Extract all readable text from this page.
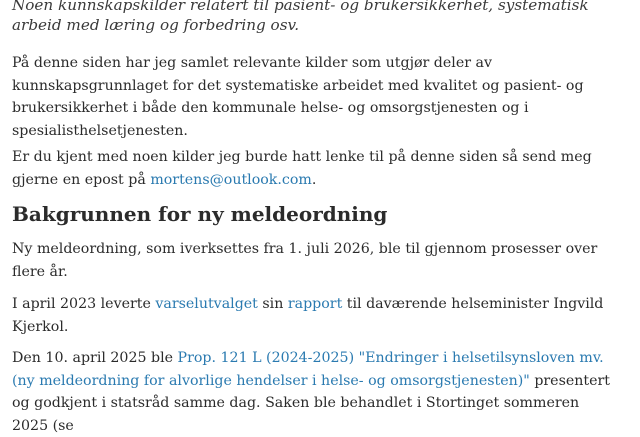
Noen kunnskapskilder relatert til pasient- og brukersikkerhet, systematisk arbeid med læring og forbedring osv.

På denne siden har jeg samlet relevante kilder som utgjør deler av kunnskapsgrunnlaget for det systematiske arbeidet med kvalitet og pasient- og brukersikkerhet i både den kommunale helse- og omsorgstjenesten og i spesialisthelsetjenesten.

Er du kjent med noen kilder jeg burde hatt lenke til på denne siden så send meg gjerne en epost på mortens@outlook.com.

Bakgrunnen for ny meldeordning

Ny meldeordning, som iverksettes fra 1. juli 2026, ble til gjennom prosesser over flere år.

I april 2023 leverte varselutvalget sin rapport til daværende helseminister Ingvild Kjerkol.

Den 10. april 2025 ble Prop. 121 L (2024-2025) "Endringer i helsetilsynsloven mv. (ny meldeordning for alvorlige hendelser i helse- og omsorgstjenesten)" presentert og godkjent i statsråd samme dag. Saken ble behandlet i Stortinget sommeren 2025 (se
